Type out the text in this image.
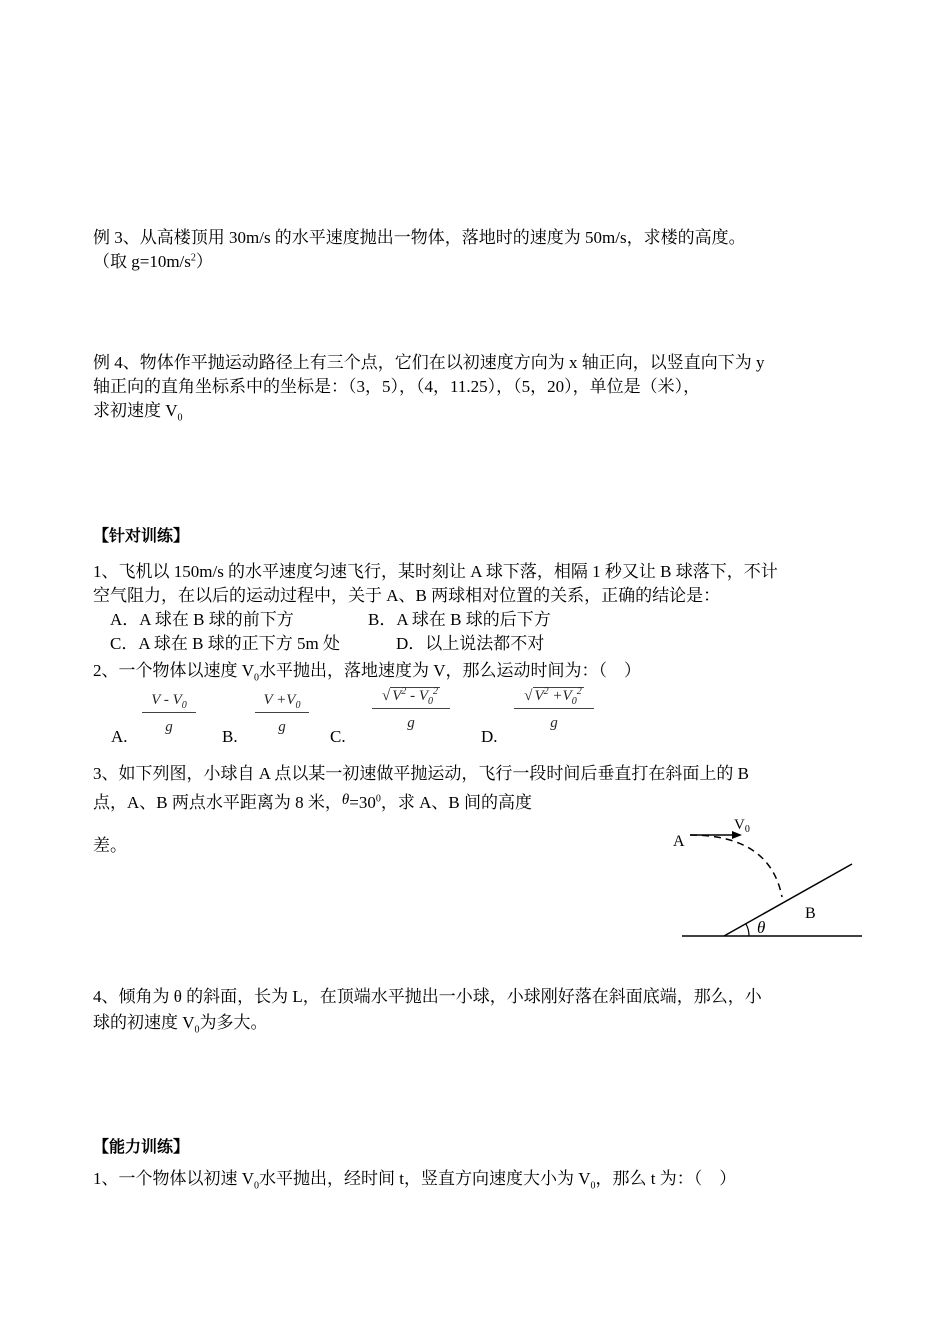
例 3、从高楼顶用 30m/s 的水平速度抛出一物体，落地时的速度为 50m/s，求楼的高度。
（取 $g=10m/s^2$）
例 4、物体作平抛运动路径上有三个点，它们在以初速度方向为 x 轴正向，以竖直向下为 y
轴正向的直角坐标系中的坐标是：（3，5），（4，11.25），（5，20），单位是（米），
求初速度 $V_0$
【针对训练】
1、飞机以 150m/s 的水平速度匀速飞行，某时刻让 A 球下落，相隔 1 秒又让 B 球落下，不计
空气阻力，在以后的运动过程中，关于 A、B 两球相对位置的关系，正确的结论是：
A．A 球在 B 球的前下方	B．A 球在 B 球的后下方
C．A 球在 B 球的正下方 5m 处	D．以上说法都不对
2、一个物体以速度 $V_0$水平抛出，落地速度为 V，那么运动时间为：（　）
$\frac{V - V_0}{g}$
A.
$\frac{V +V_0}{g}$
B.
$\frac{√ V^2 - V_0^2}{g}$
C.
$\frac{√ V^2 +V_0^2}{g}$
D.
3、如下列图，小球自 A 点以某一初速做平抛运动，飞行一段时间后垂直打在斜面上的 B
点，A、B 两点水平距离为 8 米，$\theta=30^0$，求 A、B 间的高度
差。	A
$V_0$
θ
B
4、倾角为 θ 的斜面，长为 L，在顶端水平抛出一小球，小球刚好落在斜面底端，那么，小
球的初速度 $V_0$为多大。
【能力训练】
1、一个物体以初速 $V_0$水平抛出，经时间 t，竖直方向速度大小为 $V_0$，那么 t 为：（　）
